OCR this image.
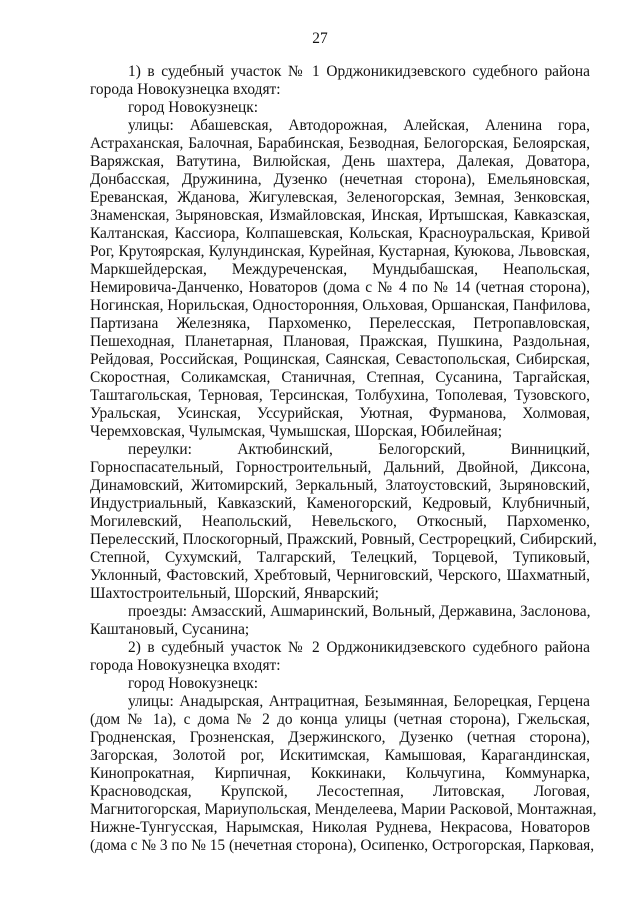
27
1) в судебный участок № 1 Орджоникидзевского судебного района
города Новокузнецка входят:
город Новокузнецк:
улицы: Абашевская, Автодорожная, Алейская, Аленина гора,
Астраханская, Балочная, Барабинская, Безводная, Белогорская, Белоярская,
Варяжская, Ватутина, Вилюйская, День шахтера, Далекая, Доватора,
Донбасская, Дружинина, Дузенко (нечетная сторона), Емельяновская,
Ереванская, Жданова, Жигулевская, Зеленогорская, Земная, Зенковская,
Знаменская, Зыряновская, Измайловская, Инская, Иртышская, Кавказская,
Калтанская, Кассиора, Колпашевская, Кольская, Красноуральская, Кривой
Рог, Крутоярская, Кулундинская, Курейная, Кустарная, Куюкова, Львовская,
Маркшейдерская, Междуреченская, Мундыбашская, Неапольская,
Немировича-Данченко, Новаторов (дома с № 4 по № 14 (четная сторона),
Ногинская, Норильская, Односторонняя, Ольховая, Оршанская, Панфилова,
Партизана Железняка, Пархоменко, Перелесская, Петропавловская,
Пешеходная, Планетарная, Плановая, Пражская, Пушкина, Раздольная,
Рейдовая, Российская, Рощинская, Саянская, Севастопольская, Сибирская,
Скоростная, Соликамская, Станичная, Степная, Сусанина, Таргайская,
Таштагольская, Терновая, Терсинская, Толбухина, Тополевая, Тузовского,
Уральская, Усинская, Уссурийская, Уютная, Фурманова, Холмовая,
Черемховская, Чулымская, Чумышская, Шорская, Юбилейная;
переулки: Актюбинский, Белогорский, Винницкий,
Горноспасательный, Горностроительный, Дальний, Двойной, Диксона,
Динамовский, Житомирский, Зеркальный, Златоустовский, Зыряновский,
Индустриальный, Кавказский, Каменогорский, Кедровый, Клубничный,
Могилевский, Неапольский, Невельского, Откосный, Пархоменко,
Перелесский, Плоскогорный, Пражский, Ровный, Сестрорецкий, Сибирский,
Степной, Сухумский, Талгарский, Телецкий, Торцевой, Тупиковый,
Уклонный, Фастовский, Хребтовый, Черниговский, Черского, Шахматный,
Шахтостроительный, Шорский, Январский;
проезды: Амзасский, Ашмаринский, Вольный, Державина, Заслонова,
Каштановый, Сусанина;
2) в судебный участок № 2 Орджоникидзевского судебного района
города Новокузнецка входят:
город Новокузнецк:
улицы: Анадырская, Антрацитная, Безымянная, Белорецкая, Герцена
(дом № 1а), с дома № 2 до конца улицы (четная сторона), Гжельская,
Гродненская, Грозненская, Дзержинского, Дузенко (четная сторона),
Загорская, Золотой рог, Искитимская, Камышовая, Карагандинская,
Кинопрокатная, Кирпичная, Коккинаки, Кольчугина, Коммунарка,
Красноводская, Крупской, Лесостепная, Литовская, Логовая,
Магнитогорская, Мариупольская, Менделеева, Марии Расковой, Монтажная,
Нижне-Тунгусская, Нарымская, Николая Руднева, Некрасова, Новаторов
(дома с № 3 по № 15 (нечетная сторона), Осипенко, Острогорская, Парковая,
